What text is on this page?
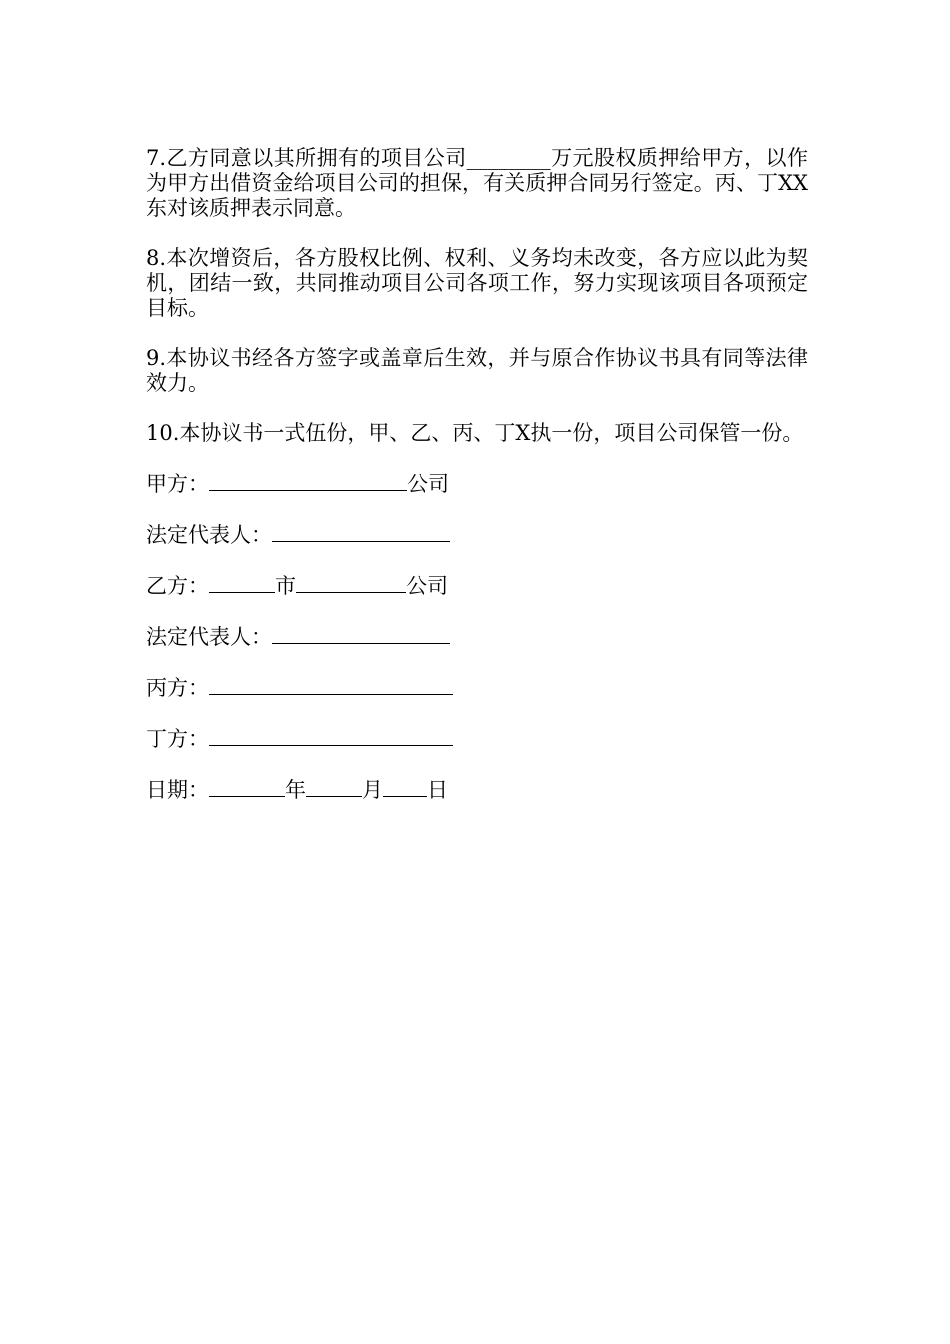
7.乙方同意以其所拥有的项目公司________万元股权质押给甲方，以作为甲方出借资金给项目公司的担保，有关质押合同另行签定。丙、丁XX东对该质押表示同意。

8.本次增资后，各方股权比例、权利、义务均未改变，各方应以此为契机，团结一致，共同推动项目公司各项工作，努力实现该项目各项预定目标。

9.本协议书经各方签字或盖章后生效，并与原合作协议书具有同等法律效力。

10.本协议书一式伍份，甲、乙、丙、丁X执一份，项目公司保管一份。

甲方：	公司

法定代表人：

乙方：	市	公司

法定代表人：

丙方：

丁方：

日期：	年	月 日
